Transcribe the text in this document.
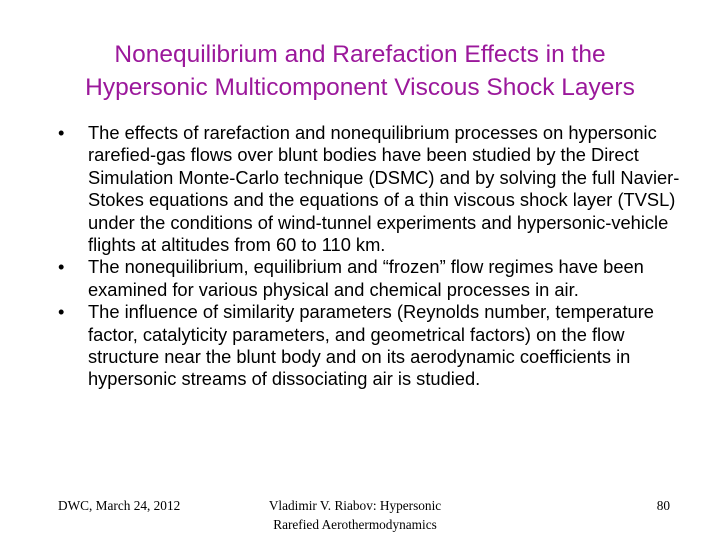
Nonequilibrium and Rarefaction Effects in the
Hypersonic Multicomponent Viscous Shock Layers
• The effects of rarefaction and nonequilibrium processes on hypersonic rarefied-gas flows over blunt bodies have been studied by the Direct Simulation Monte-Carlo technique (DSMC) and by solving the full Navier-Stokes equations and the equations of a thin viscous shock layer (TVSL) under the conditions of wind-tunnel experiments and hypersonic-vehicle flights at altitudes from 60 to 110 km.
• The nonequilibrium, equilibrium and “frozen” flow regimes have been examined for various physical and chemical processes in air.
• The influence of similarity parameters (Reynolds number, temperature factor, catalyticity parameters, and geometrical factors) on the flow structure near the blunt body and on its aerodynamic coefficients in hypersonic streams of dissociating air is studied.
DWC, March 24, 2012	Vladimir V. Riabov: Hypersonic
Rarefied Aerothermodynamics
80
